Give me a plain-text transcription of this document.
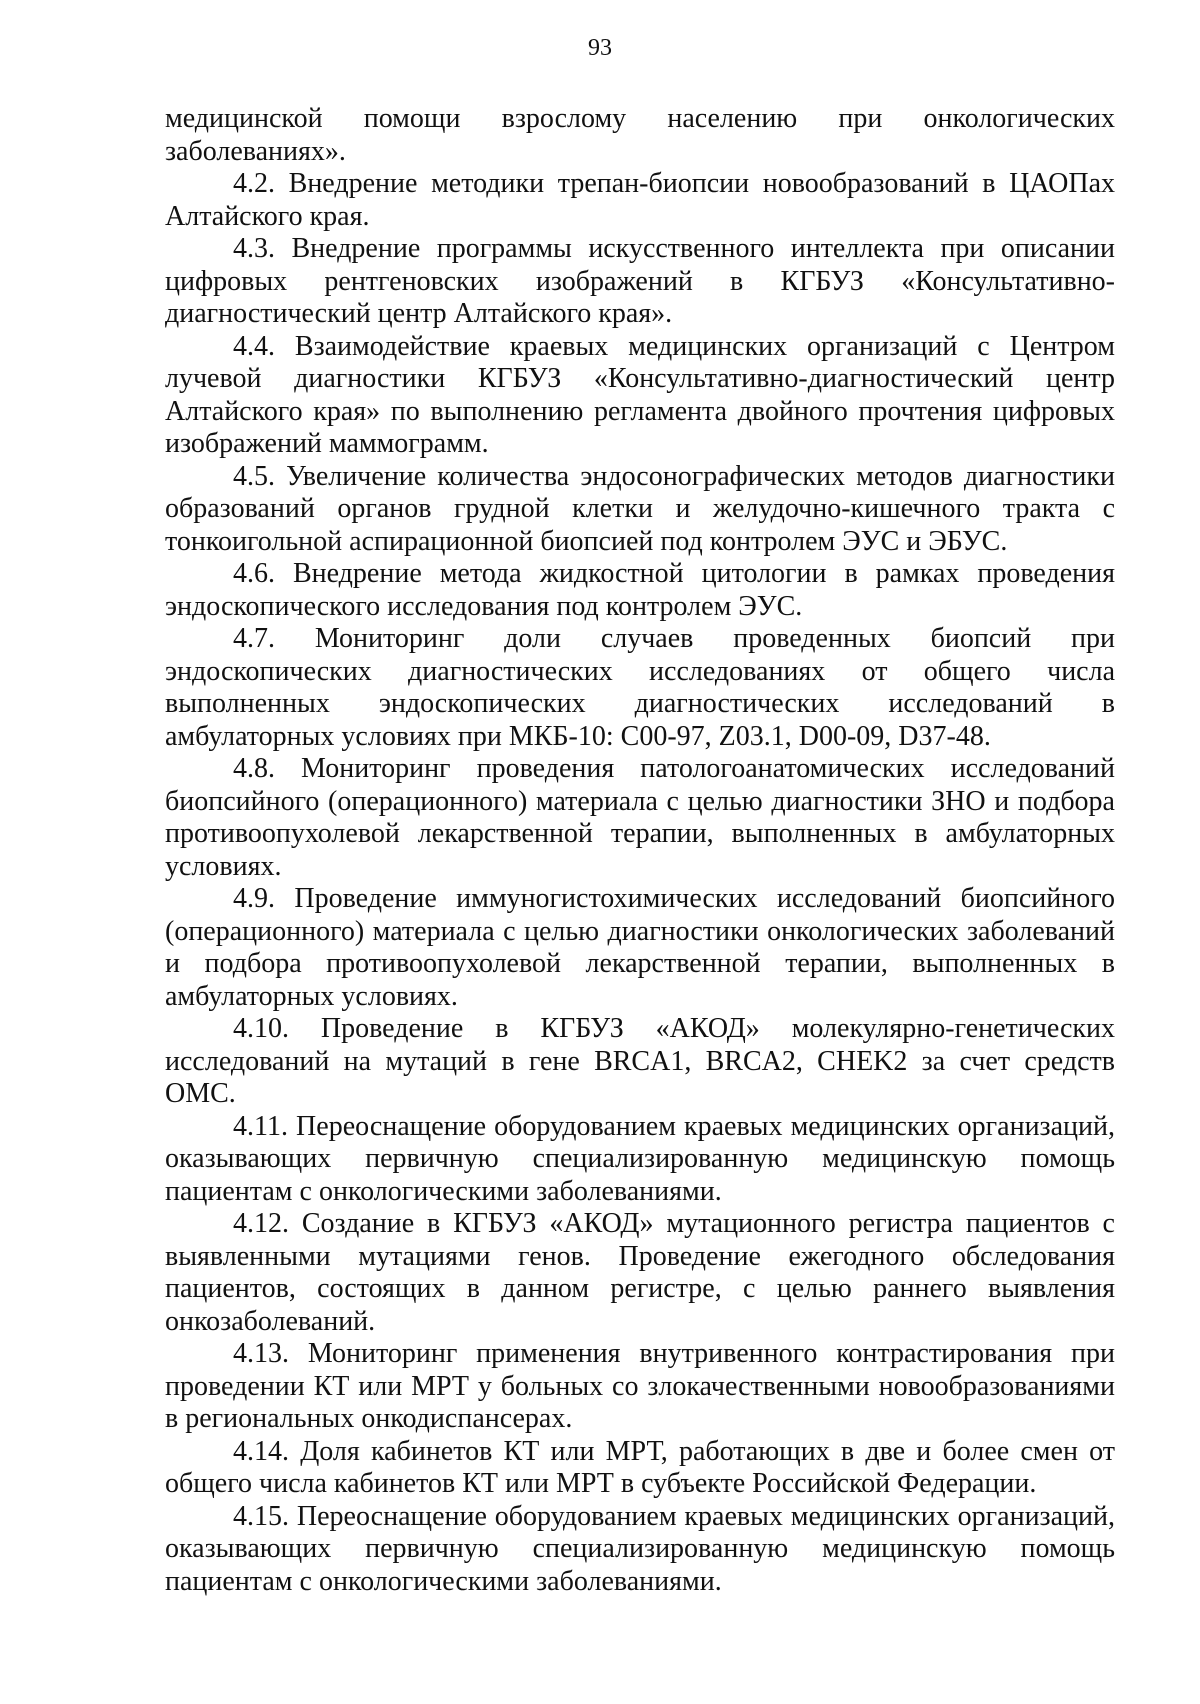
93

медицинской помощи взрослому населению при онкологических заболеваниях».

4.2. Внедрение методики трепан-биопсии новообразований в ЦАОПах Алтайского края.

4.3. Внедрение программы искусственного интеллекта при описании цифровых рентгеновских изображений в КГБУЗ «Консультативно-диагностический центр Алтайского края».

4.4. Взаимодействие краевых медицинских организаций с Центром лучевой диагностики КГБУЗ «Консультативно-диагностический центр Алтайского края» по выполнению регламента двойного прочтения цифровых изображений маммограмм.

4.5. Увеличение количества эндосонографических методов диагностики образований органов грудной клетки и желудочно-кишечного тракта с тонкоигольной аспирационной биопсией под контролем ЭУС и ЭБУС.

4.6. Внедрение метода жидкостной цитологии в рамках проведения эндоскопического исследования под контролем ЭУС.

4.7. Мониторинг доли случаев проведенных биопсий при эндоскопических диагностических исследованиях от общего числа выполненных эндоскопических диагностических исследований в амбулаторных условиях при МКБ-10: C00-97, Z03.1, D00-09, D37-48.

4.8. Мониторинг проведения патологоанатомических исследований биопсийного (операционного) материала с целью диагностики ЗНО и подбора противоопухолевой лекарственной терапии, выполненных в амбулаторных условиях.

4.9. Проведение иммуногистохимических исследований биопсийного (операционного) материала с целью диагностики онкологических заболеваний и подбора противоопухолевой лекарственной терапии, выполненных в амбулаторных условиях.

4.10. Проведение в КГБУЗ «АКОД» молекулярно-генетических исследований на мутаций в гене BRCA1, BRCA2, CHEK2 за счет средств ОМС.

4.11. Переоснащение оборудованием краевых медицинских организаций, оказывающих первичную специализированную медицинскую помощь пациентам с онкологическими заболеваниями.

4.12. Создание в КГБУЗ «АКОД» мутационного регистра пациентов с выявленными мутациями генов. Проведение ежегодного обследования пациентов, состоящих в данном регистре, с целью раннего выявления онкозаболеваний.

4.13. Мониторинг применения внутривенного контрастирования при проведении КТ или МРТ у больных со злокачественными новообразованиями в региональных онкодиспансерах.

4.14. Доля кабинетов КТ или МРТ, работающих в две и более смен от общего числа кабинетов КТ или МРТ в субъекте Российской Федерации.

4.15. Переоснащение оборудованием краевых медицинских организаций, оказывающих первичную специализированную медицинскую помощь пациентам с онкологическими заболеваниями.
